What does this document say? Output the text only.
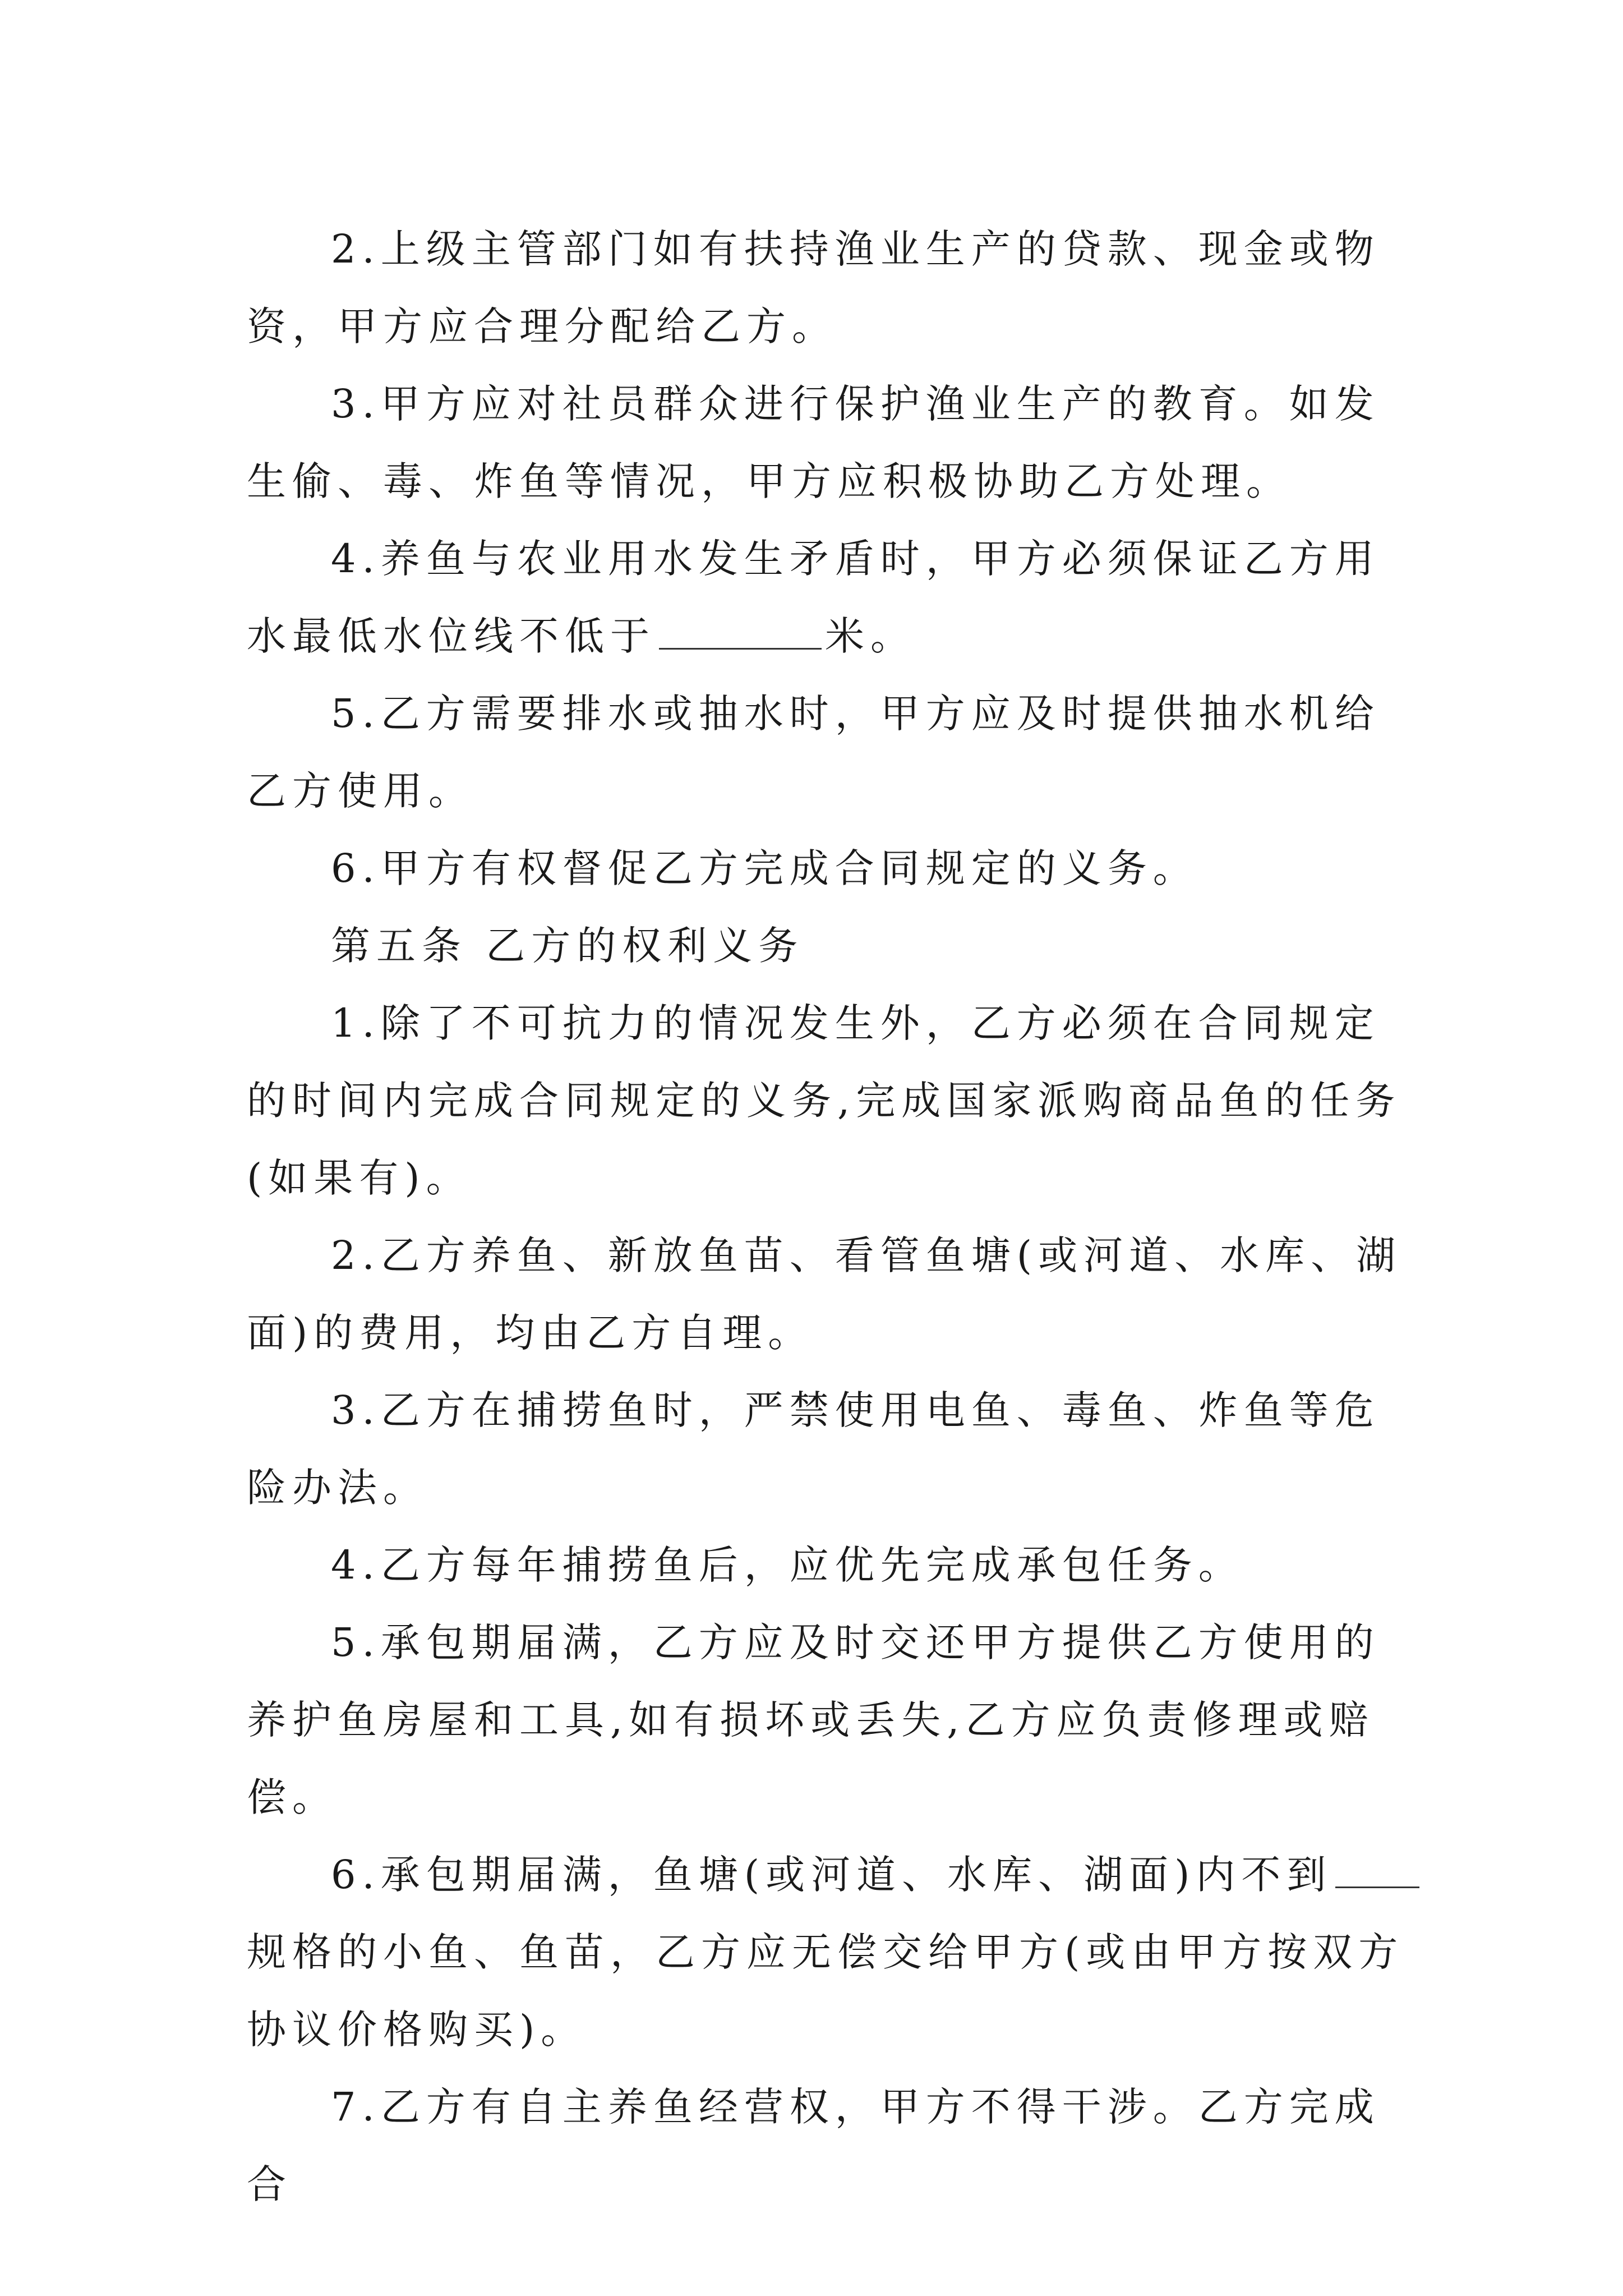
2.上级主管部门如有扶持渔业生产的贷款、现金或物资，甲方应合理分配给乙方。

3.甲方应对社员群众进行保护渔业生产的教育。如发生偷、毒、炸鱼等情况，甲方应积极协助乙方处理。

4.养鱼与农业用水发生矛盾时，甲方必须保证乙方用水最低水位线不低于	米。

5.乙方需要排水或抽水时，甲方应及时提供抽水机给乙方使用。

6.甲方有权督促乙方完成合同规定的义务。

第五条 乙方的权利义务

1.除了不可抗力的情况发生外，乙方必须在合同规定的时间内完成合同规定的义务,完成国家派购商品鱼的任务(如果有)。

2.乙方养鱼、新放鱼苗、看管鱼塘(或河道、水库、湖面)的费用，均由乙方自理。

3.乙方在捕捞鱼时，严禁使用电鱼、毒鱼、炸鱼等危险办法。

4.乙方每年捕捞鱼后，应优先完成承包任务。

5.承包期届满，乙方应及时交还甲方提供乙方使用的养护鱼房屋和工具,如有损坏或丢失,乙方应负责修理或赔偿。

6.承包期届满，鱼塘(或河道、水库、湖面)内不到规格的小鱼、鱼苗，乙方应无偿交给甲方(或由甲方按双方协议价格购买)。

7.乙方有自主养鱼经营权，甲方不得干涉。乙方完成合
